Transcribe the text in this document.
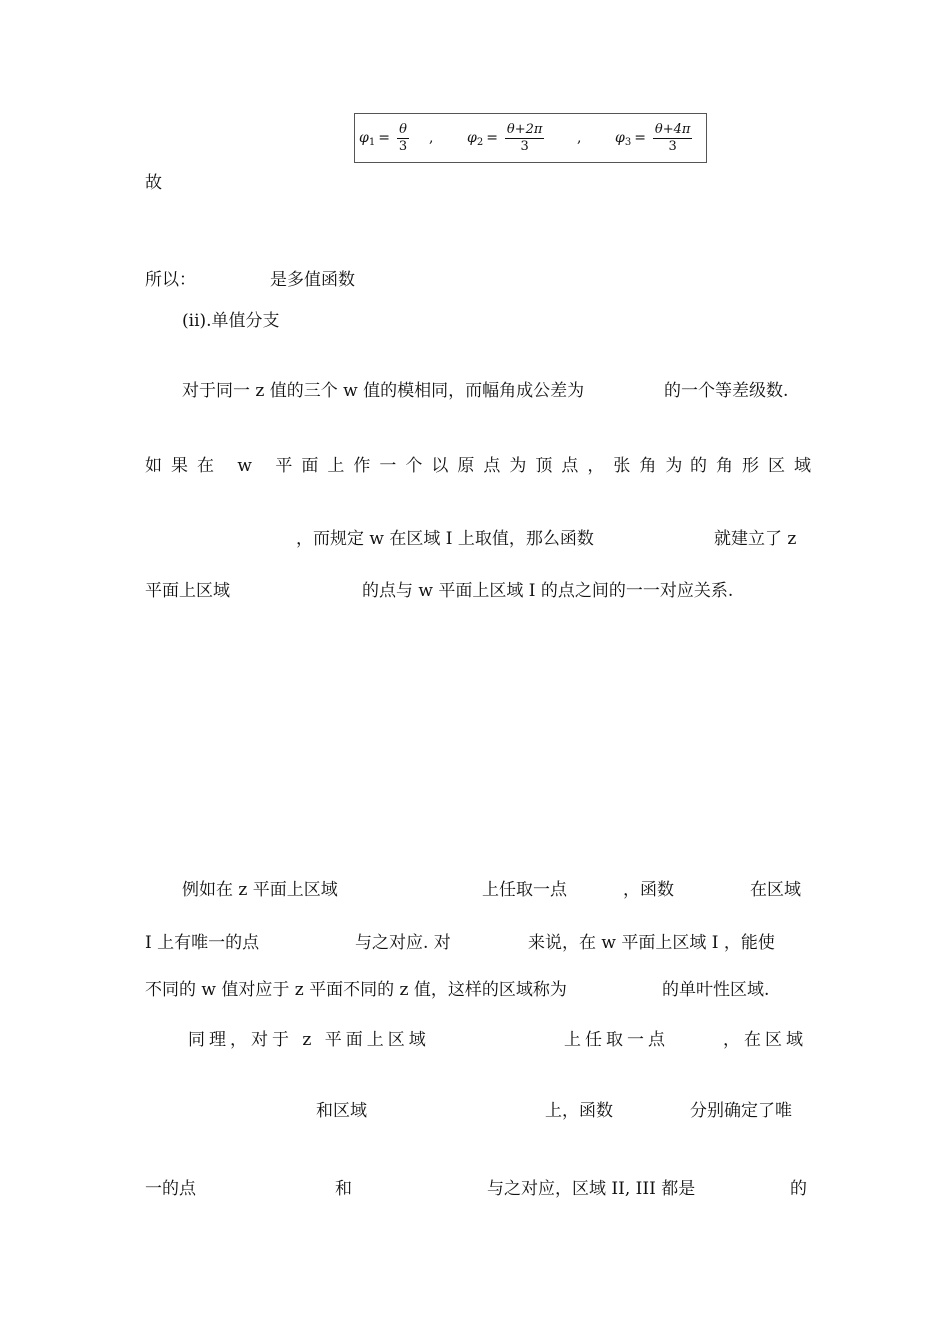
φ $1 = \frac{\theta}{3}$ , φ $2 = \frac{\theta+2\pi}{3}$ , φ $3 = \frac{\theta+4\pi}{3}$
故
所以：	是多值函数
(ii).单值分支
对于同一 z 值的三个 w 值的模相同，而幅角成公差为	的一个等差级数.
如果在 w 平面上作一个以原点为顶点，张角为
的角形区域
，而规定 w 在区域 I 上取值，那么函数	就建立了 z
平面上区域	的点与 w 平面上区域 I 的点之间的一一对应关系.
例如在 z 平面上区域	上任取一点	，函数	在区域
I 上有唯一的点	与之对应. 对	来说，在 w 平面上区域 I ，能使
不同的 w 值对应于 z 平面不同的 z 值，这样的区域称为	的单叶性区域.
同理，对于 z 平面上区域	上任取一点	，在区域
和区域	上，函数	分别确定了唯
一的点	和	与之对应，区域 II, III 都是	的
